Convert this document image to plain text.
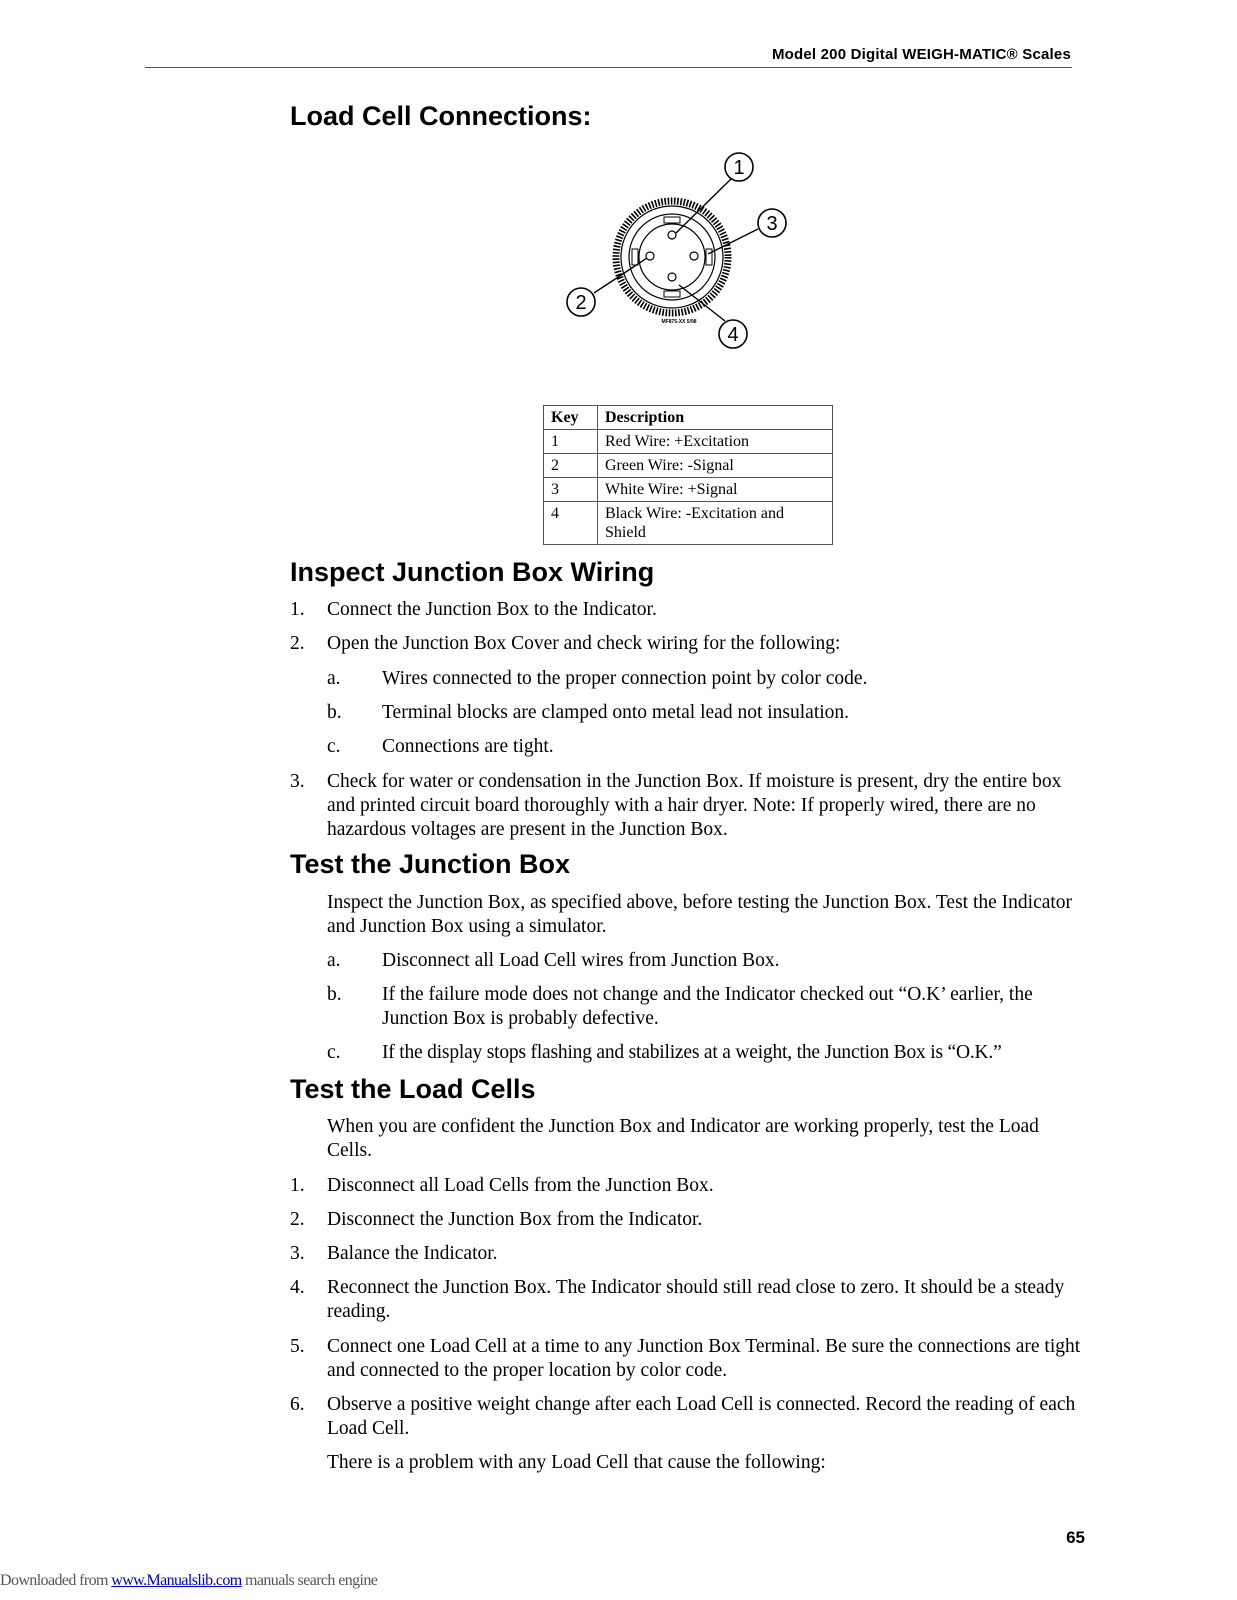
Model 200 Digital WEIGH-MATIC® Scales
Load Cell Connections:
1
2
3
4
MF875-XX 5/98
Key	Description
1	Red Wire: +Excitation
2	Green Wire: -Signal
3	White Wire: +Signal
4	Black Wire: -Excitation and Shield
Inspect Junction Box Wiring
1. Connect the Junction Box to the Indicator.
2. Open the Junction Box Cover and check wiring for the following:
a. Wires connected to the proper connection point by color code.
b. Terminal blocks are clamped onto metal lead not insulation.
c. Connections are tight.
3. Check for water or condensation in the Junction Box. If moisture is present, dry the entire box and printed circuit board thoroughly with a hair dryer. Note: If properly wired, there are no hazardous voltages are present in the Junction Box.
Test the Junction Box
Inspect the Junction Box, as specified above, before testing the Junction Box. Test the Indicator and Junction Box using a simulator.
a. Disconnect all Load Cell wires from Junction Box.
b. If the failure mode does not change and the Indicator checked out “O.K’ earlier, the Junction Box is probably defective.
c. If the display stops flashing and stabilizes at a weight, the Junction Box is “O.K.”
Test the Load Cells
When you are confident the Junction Box and Indicator are working properly, test the Load Cells.
1. Disconnect all Load Cells from the Junction Box.
2. Disconnect the Junction Box from the Indicator.
3. Balance the Indicator.
4. Reconnect the Junction Box. The Indicator should still read close to zero. It should be a steady reading.
5. Connect one Load Cell at a time to any Junction Box Terminal. Be sure the connections are tight and connected to the proper location by color code.
6. Observe a positive weight change after each Load Cell is connected. Record the reading of each Load Cell.
There is a problem with any Load Cell that cause the following:
65
Downloaded from www.Manualslib.com manuals search engine
